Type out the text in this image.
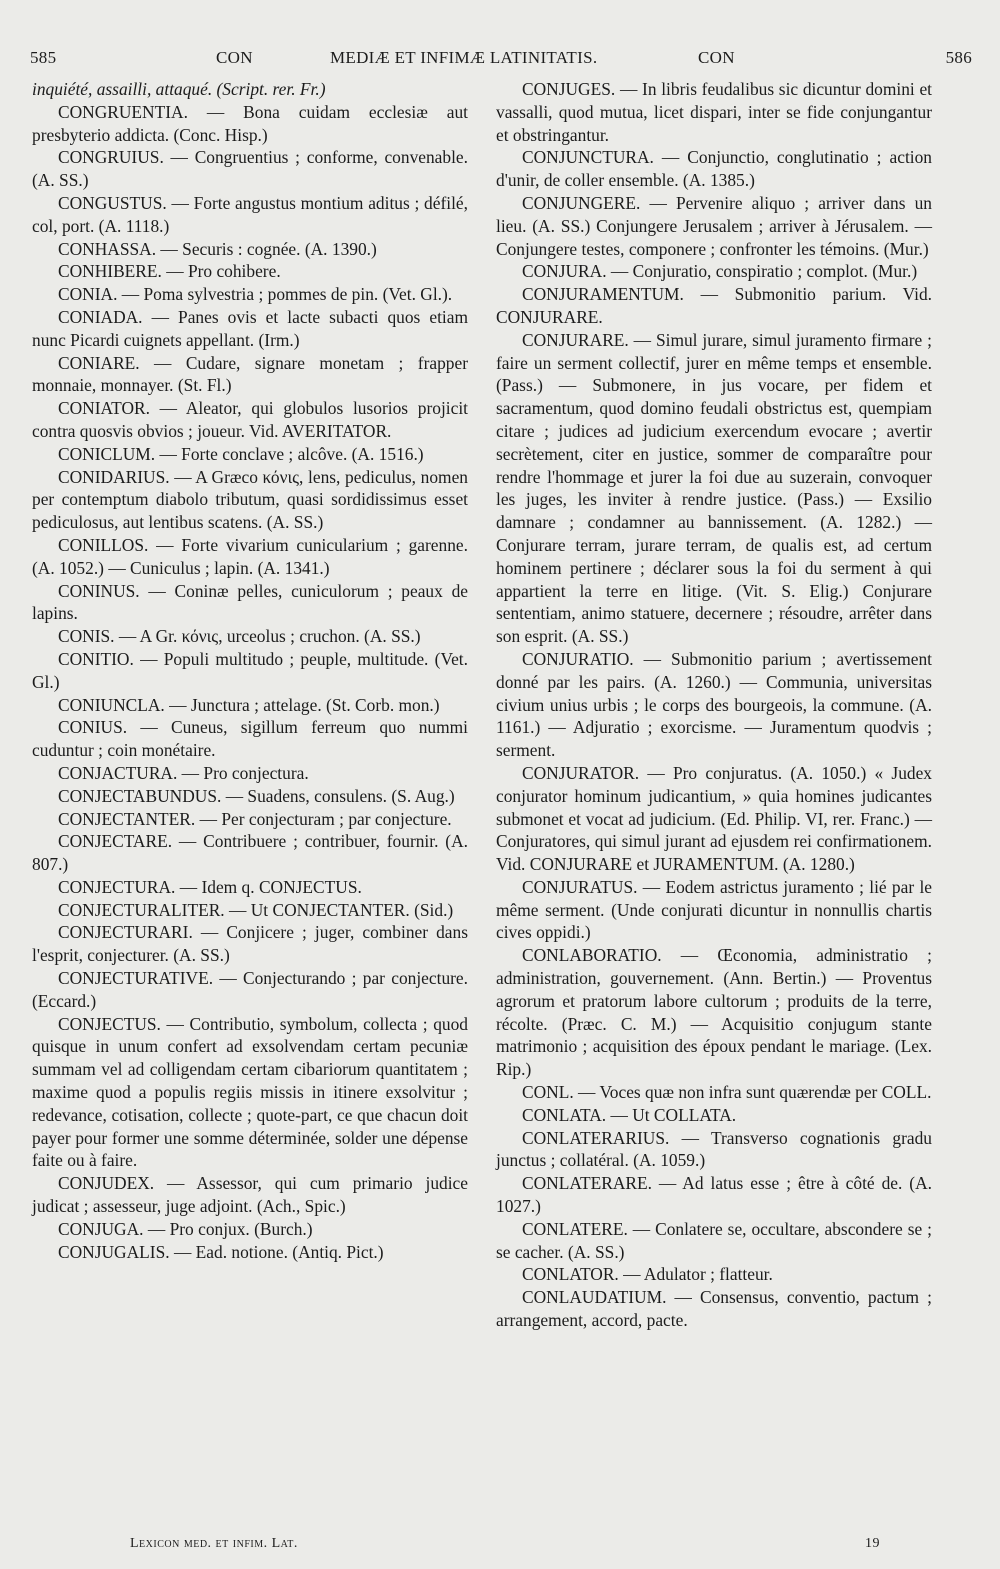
585	CON	MEDIÆ ET INFIMÆ LATINITATIS.	CON	586

inquiété, assailli, attaqué. (Script. rer. Fr.)

CONGRUENTIA. — Bona cuidam ecclesiæ aut presbyterio addicta. (Conc. Hisp.)

CONGRUIUS. — Congruentius ; conforme, convenable. (A. SS.)

CONGUSTUS. — Forte angustus montium aditus ; défilé, col, port. (A. 1118.)

CONHASSA. — Securis : cognée. (A. 1390.)

CONHIBERE. — Pro cohibere.

CONIA. — Poma sylvestria ; pommes de pin. (Vet. Gl.).

CONIADA. — Panes ovis et lacte subacti quos etiam nunc Picardi cuignets appellant. (Irm.)

CONIARE. — Cudare, signare monetam ; frapper monnaie, monnayer. (St. Fl.)

CONIATOR. — Aleator, qui globulos lusorios projicit contra quosvis obvios ; joueur. Vid. AVERITATOR.

CONICLUM. — Forte conclave ; alcôve. (A. 1516.)

CONIDARIUS. — A Græco κόνις, lens, pediculus, nomen per contemptum diabolo tributum, quasi sordidissimus esset pediculosus, aut lentibus scatens. (A. SS.)

CONILLOS. — Forte vivarium cunicularium ; garenne. (A. 1052.) — Cuniculus ; lapin. (A. 1341.)

CONINUS. — Coninæ pelles, cuniculorum ; peaux de lapins.

CONIS. — A Gr. κόνις, urceolus ; cruchon. (A. SS.)

CONITIO. — Populi multitudo ; peuple, multitude. (Vet. Gl.)

CONIUNCLA. — Junctura ; attelage. (St. Corb. mon.)

CONIUS. — Cuneus, sigillum ferreum quo nummi cuduntur ; coin monétaire.

CONJACTURA. — Pro conjectura.

CONJECTABUNDUS. — Suadens, consulens. (S. Aug.)

CONJECTANTER. — Per conjecturam ; par conjecture.

CONJECTARE. — Contribuere ; contribuer, fournir. (A. 807.)

CONJECTURA. — Idem q. CONJECTUS.

CONJECTURALITER. — Ut CONJECTANTER. (Sid.)

CONJECTURARI. — Conjicere ; juger, combiner dans l'esprit, conjecturer. (A. SS.)

CONJECTURATIVE. — Conjecturando ; par conjecture. (Eccard.)

CONJECTUS. — Contributio, symbolum, collecta ; quod quisque in unum confert ad exsolvendam certam pecuniæ summam vel ad colligendam certam cibariorum quantitatem ; maxime quod a populis regiis missis in itinere exsolvitur ; redevance, cotisation, collecte ; quote-part, ce que chacun doit payer pour former une somme déterminée, solder une dépense faite ou à faire.

CONJUDEX. — Assessor, qui cum primario judice judicat ; assesseur, juge adjoint. (Ach., Spic.)

CONJUGA. — Pro conjux. (Burch.)

CONJUGALIS. — Ead. notione. (Antiq. Pict.)

CONJUGES. — In libris feudalibus sic dicuntur domini et vassalli, quod mutua, licet dispari, inter se fide conjungantur et obstringantur.

CONJUNCTURA. — Conjunctio, conglutinatio ; action d'unir, de coller ensemble. (A. 1385.)

CONJUNGERE. — Pervenire aliquo ; arriver dans un lieu. (A. SS.) Conjungere Jerusalem ; arriver à Jérusalem. — Conjungere testes, componere ; confronter les témoins. (Mur.)

CONJURA. — Conjuratio, conspiratio ; complot. (Mur.)

CONJURAMENTUM. — Submonitio parium. Vid. CONJURARE.

CONJURARE. — Simul jurare, simul juramento firmare ; faire un serment collectif, jurer en même temps et ensemble. (Pass.) — Submonere, in jus vocare, per fidem et sacramentum, quod domino feudali obstrictus est, quempiam citare ; judices ad judicium exercendum evocare ; avertir secrètement, citer en justice, sommer de comparaître pour rendre l'hommage et jurer la foi due au suzerain, convoquer les juges, les inviter à rendre justice. (Pass.) — Exsilio damnare ; condamner au bannissement. (A. 1282.) — Conjurare terram, jurare terram, de qualis est, ad certum hominem pertinere ; déclarer sous la foi du serment à qui appartient la terre en litige. (Vit. S. Elig.) Conjurare sententiam, animo statuere, decernere ; résoudre, arrêter dans son esprit. (A. SS.)

CONJURATIO. — Submonitio parium ; avertissement donné par les pairs. (A. 1260.) — Communia, universitas civium unius urbis ; le corps des bourgeois, la commune. (A. 1161.) — Adjuratio ; exorcisme. — Juramentum quodvis ; serment.

CONJURATOR. — Pro conjuratus. (A. 1050.) « Judex conjurator hominum judicantium, » quia homines judicantes submonet et vocat ad judicium. (Ed. Philip. VI, rer. Franc.) — Conjuratores, qui simul jurant ad ejusdem rei confirmationem. Vid. CONJURARE et JURAMENTUM. (A. 1280.)

CONJURATUS. — Eodem astrictus juramento ; lié par le même serment. (Unde conjurati dicuntur in nonnullis chartis cives oppidi.)

CONLABORATIO. — Œconomia, administratio ; administration, gouvernement. (Ann. Bertin.) — Proventus agrorum et pratorum labore cultorum ; produits de la terre, récolte. (Præc. C. M.) — Acquisitio conjugum stante matrimonio ; acquisition des époux pendant le mariage. (Lex. Rip.)

CONL. — Voces quæ non infra sunt quærendæ per COLL.

CONLATA. — Ut COLLATA.

CONLATERARIUS. — Transverso cognationis gradu junctus ; collatéral. (A. 1059.)

CONLATERARE. — Ad latus esse ; être à côté de. (A. 1027.)

CONLATERE. — Conlatere se, occultare, abscondere se ; se cacher. (A. SS.)

CONLATOR. — Adulator ; flatteur.

CONLAUDATIUM. — Consensus, conventio, pactum ; arrangement, accord, pacte.

Lexicon med. et infim. Lat.	19
